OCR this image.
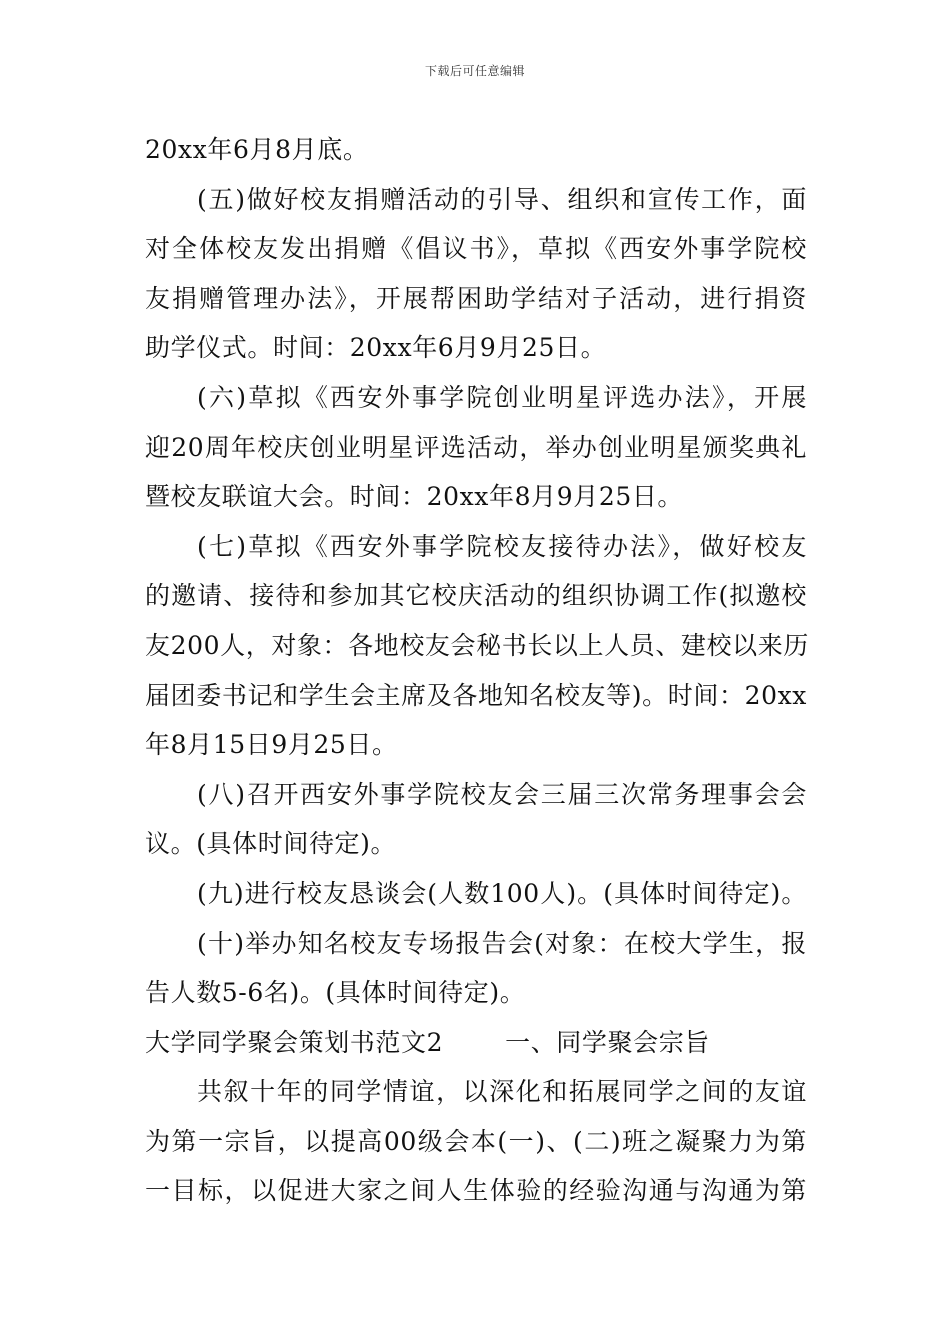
下载后可任意编辑
20xx年6月8月底。
(五)做好校友捐赠活动的引导、组织和宣传工作，面
对全体校友发出捐赠《倡议书》，草拟《西安外事学院校
友捐赠管理办法》，开展帮困助学结对子活动，进行捐资
助学仪式。时间：20xx年6月9月25日。
(六)草拟《西安外事学院创业明星评选办法》，开展
迎20周年校庆创业明星评选活动，举办创业明星颁奖典礼
暨校友联谊大会。时间：20xx年8月9月25日。
(七)草拟《西安外事学院校友接待办法》，做好校友
的邀请、接待和参加其它校庆活动的组织协调工作(拟邀校
友200人，对象：各地校友会秘书长以上人员、建校以来历
届团委书记和学生会主席及各地知名校友等)。时间：20xx
年8月15日9月25日。
(八)召开西安外事学院校友会三届三次常务理事会会
议。(具体时间待定)。
(九)进行校友恳谈会(人数100人)。(具体时间待定)。
(十)举办知名校友专场报告会(对象：在校大学生，报
告人数5-6名)。(具体时间待定)。
大学同学聚会策划书范文2 一、同学聚会宗旨
共叙十年的同学情谊，以深化和拓展同学之间的友谊
为第一宗旨，以提高00级会本(一)、(二)班之凝聚力为第
一目标，以促进大家之间人生体验的经验沟通与沟通为第
